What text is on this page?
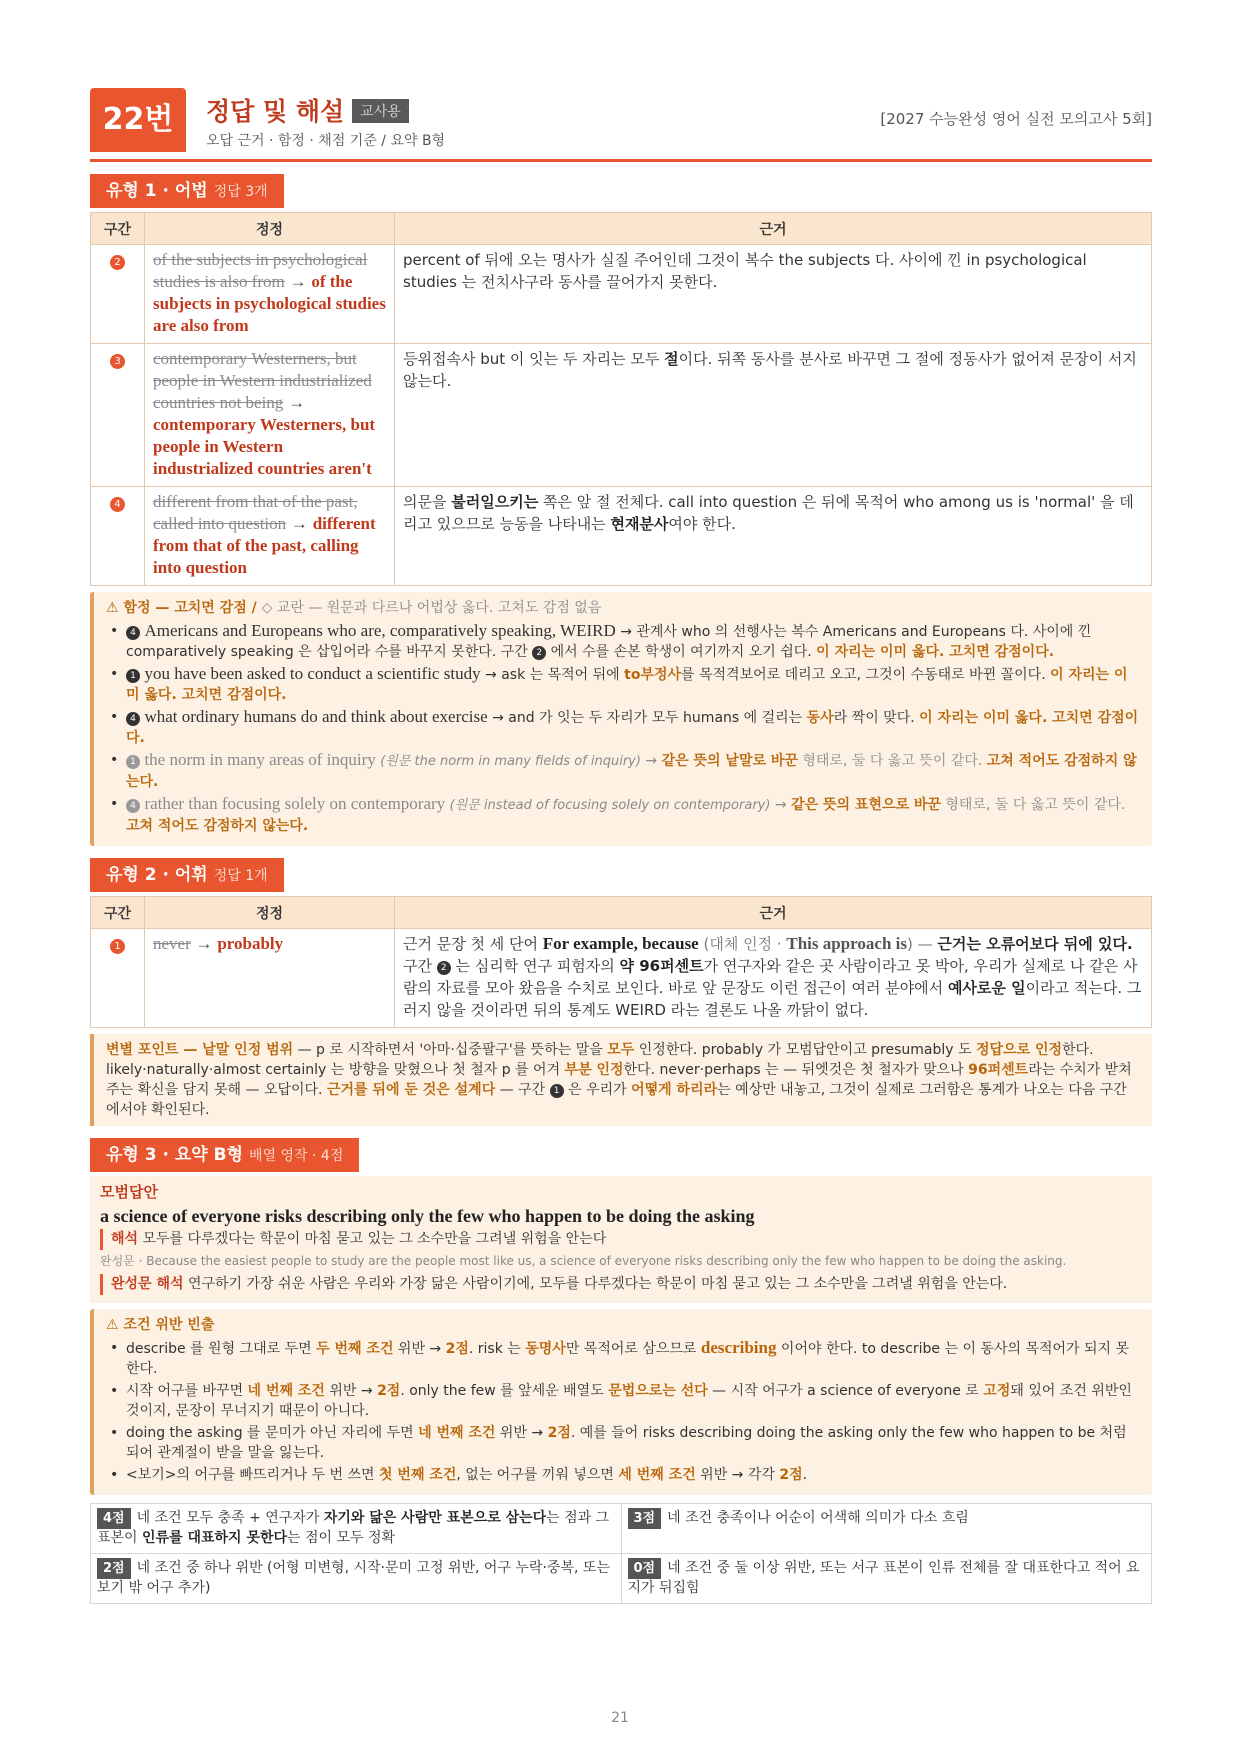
22번	정답 및 해설 교사용
오답 근거 · 함정 · 채점 기준 / 요약 B형
[2027 수능완성 영어 실전 모의고사 5회]
유형 1 · 어법 정답 3개
구간	정정	근거
2	of the subjects in psychological studies is also from → of the subjects in psychological studies are also from	percent of 뒤에 오는 명사가 실질 주어인데 그것이 복수 the subjects 다. 사이에 낀 in psychological studies 는 전치사구라 동사를 끌어가지 못한다.
3	contemporary Westerners, but people in Western industrialized countries not being → contemporary Westerners, but people in Western industrialized countries aren't	등위접속사 but 이 잇는 두 자리는 모두 절이다. 뒤쪽 동사를 분사로 바꾸면 그 절에 정동사가 없어져 문장이 서지 않는다.
4	different from that of the past, called into question → different from that of the past, calling into question	의문을 불러일으키는 쪽은 앞 절 전체다. call into question 은 뒤에 목적어 who among us is 'normal' 을 데리고 있으므로 능동을 나타내는 현재분사여야 한다.
⚠ 함정 — 고치면 감점 / ◇ 교란 — 원문과 다르나 어법상 옳다. 고쳐도 감점 없음
• 4 Americans and Europeans who are, comparatively speaking, WEIRD → 관계사 who 의 선행사는 복수 Americans and Europeans 다. 사이에 낀 comparatively speaking 은 삽입어라 수를 바꾸지 못한다. 구간 2 에서 수를 손본 학생이 여기까지 오기 쉽다. 이 자리는 이미 옳다. 고치면 감점이다.
• 1 you have been asked to conduct a scientific study → ask 는 목적어 뒤에 to부정사를 목적격보어로 데리고 오고, 그것이 수동태로 바뀐 꼴이다. 이 자리는 이미 옳다. 고치면 감점이다.
• 4 what ordinary humans do and think about exercise → and 가 잇는 두 자리가 모두 humans 에 걸리는 동사라 짝이 맞다. 이 자리는 이미 옳다. 고치면 감점이다.
• 1 the norm in many areas of inquiry (원문 the norm in many fields of inquiry) → 같은 뜻의 낱말로 바꾼 형태로, 둘 다 옳고 뜻이 같다. 고쳐 적어도 감점하지 않는다.
• 4 rather than focusing solely on contemporary (원문 instead of focusing solely on contemporary) → 같은 뜻의 표현으로 바꾼 형태로, 둘 다 옳고 뜻이 같다. 고쳐 적어도 감점하지 않는다.
유형 2 · 어휘 정답 1개
구간	정정	근거
1	never → probably	근거 문장 첫 세 단어 For example, because (대체 인정 · This approach is) — 근거는 오류어보다 뒤에 있다. 구간 2 는 심리학 연구 피험자의 약 96퍼센트가 연구자와 같은 곳 사람이라고 못 박아, 우리가 실제로 나 같은 사람의 자료를 모아 왔음을 수치로 보인다. 바로 앞 문장도 이런 접근이 여러 분야에서 예사로운 일이라고 적는다. 그러지 않을 것이라면 뒤의 통계도 WEIRD 라는 결론도 나올 까닭이 없다.
변별 포인트 — 낱말 인정 범위 — p 로 시작하면서 '아마·십중팔구'를 뜻하는 말을 모두 인정한다. probably 가 모범답안이고 presumably 도 정답으로 인정한다. likely·naturally·almost certainly 는 방향을 맞혔으나 첫 철자 p 를 어겨 부분 인정한다. never·perhaps 는 — 뒤엣것은 첫 철자가 맞으나 96퍼센트라는 수치가 받쳐 주는 확신을 담지 못해 — 오답이다. 근거를 뒤에 둔 것은 설계다 — 구간 1 은 우리가 어떻게 하리라는 예상만 내놓고, 그것이 실제로 그러함은 통계가 나오는 다음 구간에서야 확인된다.
유형 3 · 요약 B형 배열 영작 · 4점
모범답안
a science of everyone risks describing only the few who happen to be doing the asking
해석 모두를 다루겠다는 학문이 마침 묻고 있는 그 소수만을 그려낼 위험을 안는다
완성문 · Because the easiest people to study are the people most like us, a science of everyone risks describing only the few who happen to be doing the asking.
완성문 해석 연구하기 가장 쉬운 사람은 우리와 가장 닮은 사람이기에, 모두를 다루겠다는 학문이 마침 묻고 있는 그 소수만을 그려낼 위험을 안는다.
⚠ 조건 위반 빈출
• describe 를 원형 그대로 두면 두 번째 조건 위반 → 2점. risk 는 동명사만 목적어로 삼으므로 describing 이어야 한다. to describe 는 이 동사의 목적어가 되지 못한다.
• 시작 어구를 바꾸면 네 번째 조건 위반 → 2점. only the few 를 앞세운 배열도 문법으로는 선다 — 시작 어구가 a science of everyone 로 고정돼 있어 조건 위반인 것이지, 문장이 무너지기 때문이 아니다.
• doing the asking 를 문미가 아닌 자리에 두면 네 번째 조건 위반 → 2점. 예를 들어 risks describing doing the asking only the few who happen to be 처럼 되어 관계절이 받을 말을 잃는다.
• <보기>의 어구를 빠뜨리거나 두 번 쓰면 첫 번째 조건, 없는 어구를 끼워 넣으면 세 번째 조건 위반 → 각각 2점.
4점 네 조건 모두 충족 + 연구자가 자기와 닮은 사람만 표본으로 삼는다는 점과 그 표본이 인류를 대표하지 못한다는 점이 모두 정확	3점 네 조건 충족이나 어순이 어색해 의미가 다소 흐림
2점 네 조건 중 하나 위반 (어형 미변형, 시작·문미 고정 위반, 어구 누락·중복, 또는 보기 밖 어구 추가)	0점 네 조건 중 둘 이상 위반, 또는 서구 표본이 인류 전체를 잘 대표한다고 적어 요지가 뒤집힘
21
